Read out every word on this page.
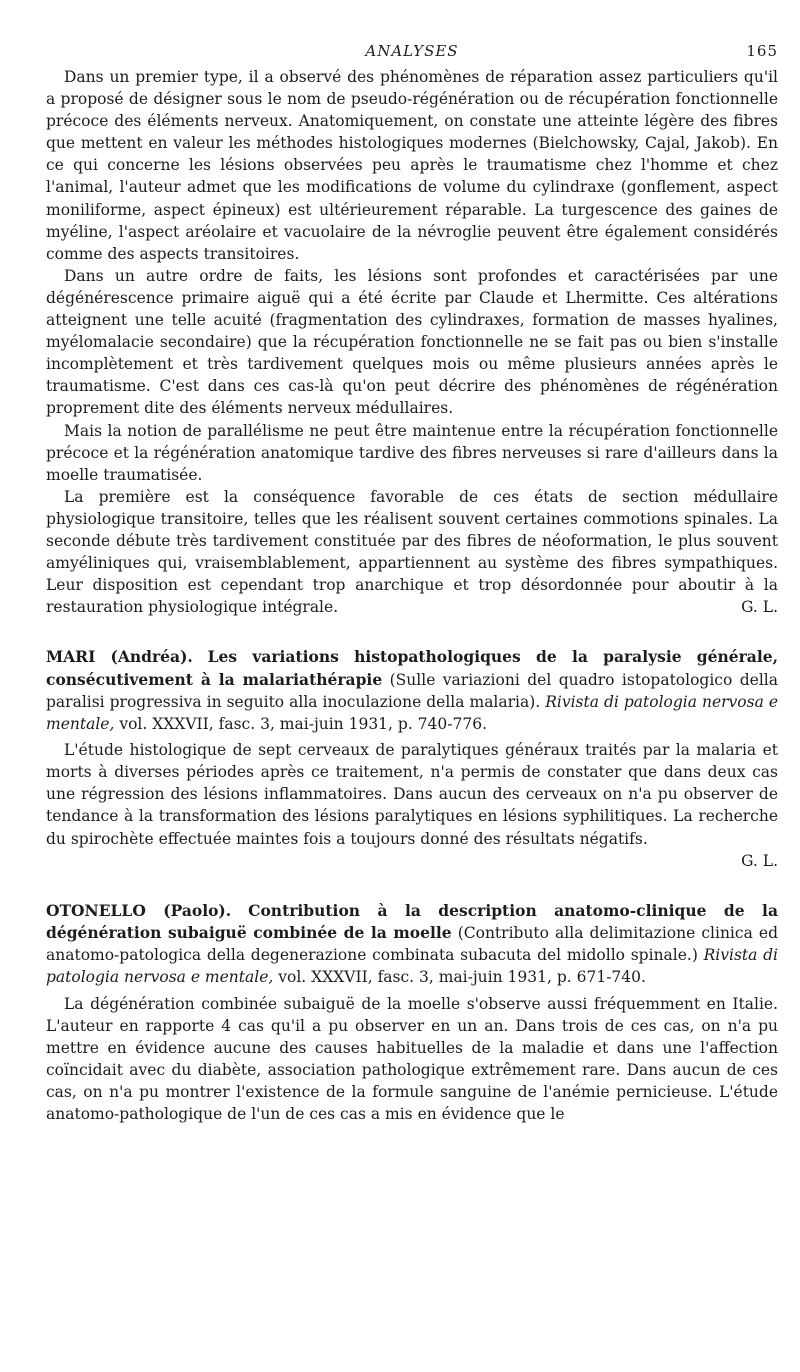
ANALYSES	165

Dans un premier type, il a observé des phénomènes de réparation assez particuliers qu'il a proposé de désigner sous le nom de pseudo-régénération ou de récupération fonctionnelle précoce des éléments nerveux. Anatomiquement, on constate une atteinte légère des fibres que mettent en valeur les méthodes histologiques modernes (Bielchowsky, Cajal, Jakob). En ce qui concerne les lésions observées peu après le traumatisme chez l'homme et chez l'animal, l'auteur admet que les modifications de volume du cylindraxe (gonflement, aspect moniliforme, aspect épineux) est ultérieurement réparable. La turgescence des gaines de myéline, l'aspect aréolaire et vacuolaire de la névroglie peuvent être également considérés comme des aspects transitoires.

Dans un autre ordre de faits, les lésions sont profondes et caractérisées par une dégénérescence primaire aiguë qui a été écrite par Claude et Lhermitte. Ces altérations atteignent une telle acuité (fragmentation des cylindraxes, formation de masses hyalines, myélomalacie secondaire) que la récupération fonctionnelle ne se fait pas ou bien s'installe incomplètement et très tardivement quelques mois ou même plusieurs années après le traumatisme. C'est dans ces cas-là qu'on peut décrire des phénomènes de régénération proprement dite des éléments nerveux médullaires.

Mais la notion de parallélisme ne peut être maintenue entre la récupération fonctionnelle précoce et la régénération anatomique tardive des fibres nerveuses si rare d'ailleurs dans la moelle traumatisée.

La première est la conséquence favorable de ces états de section médullaire physiologique transitoire, telles que les réalisent souvent certaines commotions spinales. La seconde débute très tardivement constituée par des fibres de néoformation, le plus souvent amyéliniques qui, vraisemblablement, appartiennent au système des fibres sympathiques. Leur disposition est cependant trop anarchique et trop désordonnée pour aboutir à la restauration physiologique intégrale.	G. L.

MARI (Andréa). Les variations histopathologiques de la paralysie générale, consécutivement à la malariathérapie (Sulle variazioni del quadro istopatologico della paralisi progressiva in seguito alla inoculazione della malaria). Rivista di patologia nervosa e mentale, vol. XXXVII, fasc. 3, mai-juin 1931, p. 740-776.

L'étude histologique de sept cerveaux de paralytiques généraux traités par la malaria et morts à diverses périodes après ce traitement, n'a permis de constater que dans deux cas une régression des lésions inflammatoires. Dans aucun des cerveaux on n'a pu observer de tendance à la transformation des lésions paralytiques en lésions syphilitiques. La recherche du spirochète effectuée maintes fois a toujours donné des résultats négatifs.

G. L.

OTONELLO (Paolo). Contribution à la description anatomo-clinique de la dégénération subaiguë combinée de la moelle (Contributo alla delimitazione clinica ed anatomo-patologica della degenerazione combinata subacuta del midollo spinale.) Rivista di patologia nervosa e mentale, vol. XXXVII, fasc. 3, mai-juin 1931, p. 671-740.

La dégénération combinée subaiguë de la moelle s'observe aussi fréquemment en Italie. L'auteur en rapporte 4 cas qu'il a pu observer en un an. Dans trois de ces cas, on n'a pu mettre en évidence aucune des causes habituelles de la maladie et dans une l'affection coïncidait avec du diabète, association pathologique extrêmement rare. Dans aucun de ces cas, on n'a pu montrer l'existence de la formule sanguine de l'anémie pernicieuse. L'étude anatomo-pathologique de l'un de ces cas a mis en évidence que le
